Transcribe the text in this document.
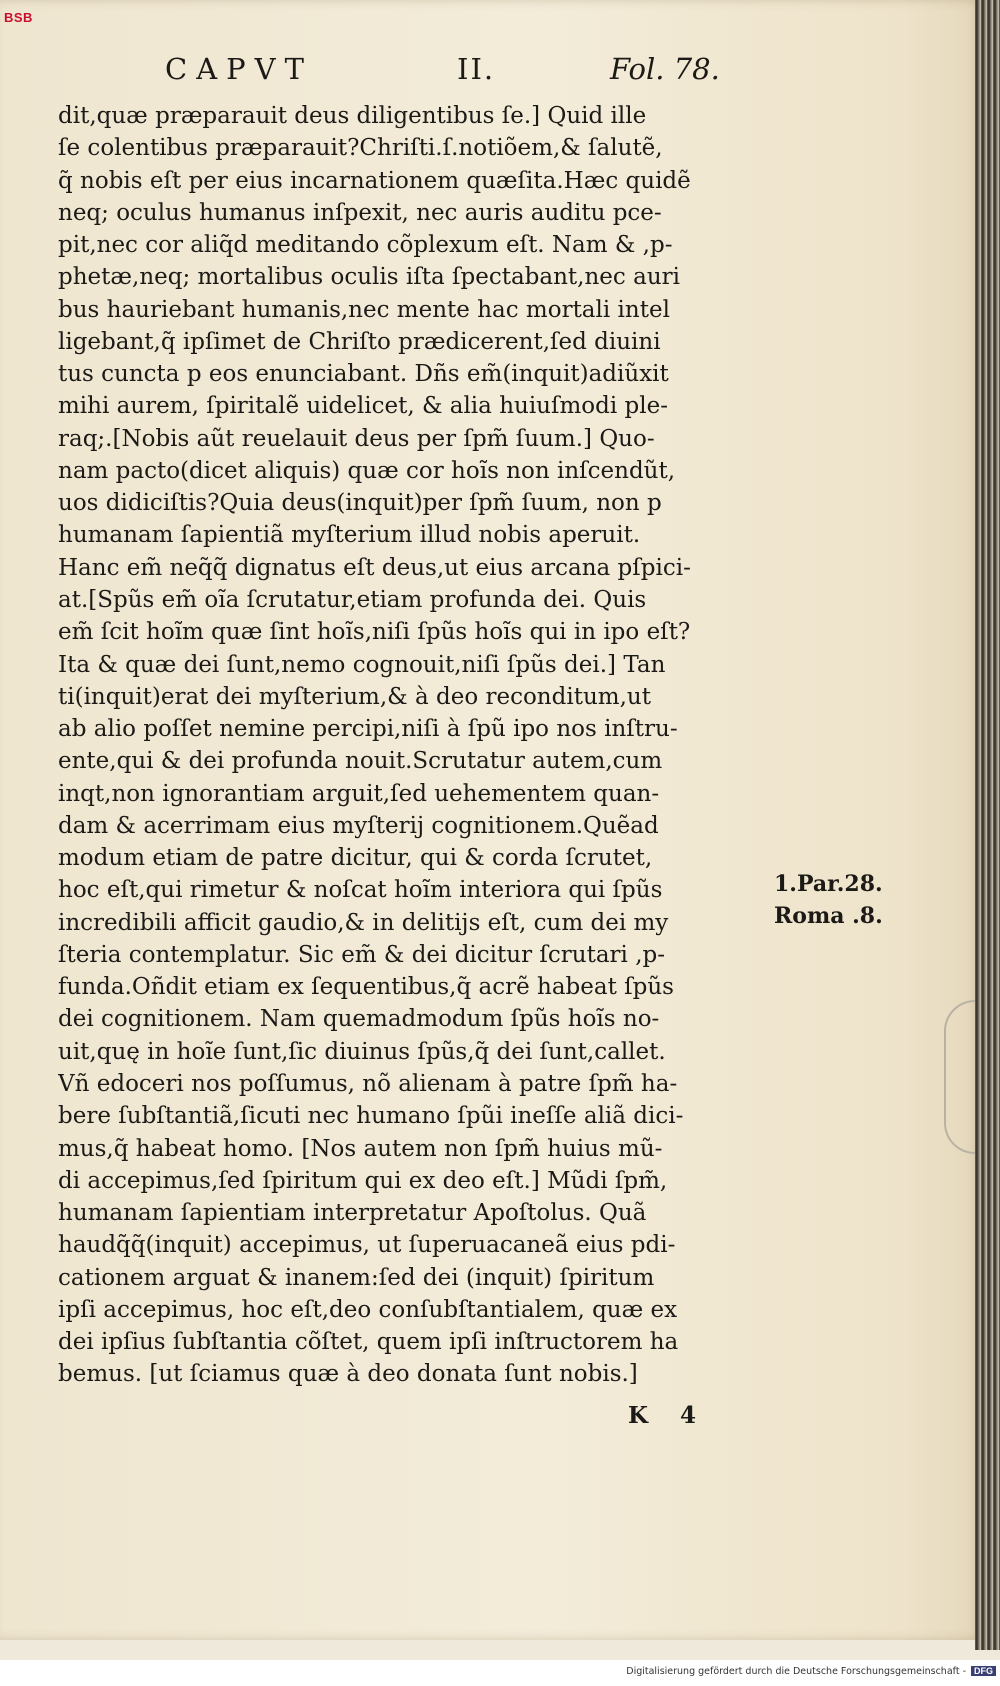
BSB
CAPVT	II.	Fol. 78.
dit,quæ præparauit deus diligentibus ſe.] Quid ille
ſe colentibus præparauit?Chriſti.ſ.notiõem,& ſalutẽ,
q̃ nobis eſt per eius incarnationem quæſita.Hæc quidẽ
neq; oculus humanus inſpexit, nec auris auditu pce-
pit,nec cor aliq̃d meditando cõplexum eſt. Nam & ,p-
phetæ,neq; mortalibus oculis iſta ſpectabant,nec auri
bus hauriebant humanis,nec mente hac mortali intel
ligebant,q̃ ipſimet de Chriſto prædicerent,ſed diuini
tus cuncta p eos enunciabant. Dñs em̃(inquit)adiũxit
mihi aurem, ſpiritalẽ uidelicet, & alia huiuſmodi ple-
raq;.[Nobis aũt reuelauit deus per ſpm̃ ſuum.] Quo-
nam pacto(dicet aliquis) quæ cor hoĩs non inſcendũt,
uos didiciſtis?Quia deus(inquit)per ſpm̃ ſuum, non p
humanam ſapientiã myſterium illud nobis aperuit.
Hanc em̃ neq̃q̃ dignatus eſt deus,ut eius arcana pſpici-
at.[Spũs em̃ oĩa ſcrutatur,etiam profunda dei. Quis
em̃ ſcit hoĩm quæ ſint hoĩs,niſi ſpũs hoĩs qui in ipo eſt?
Ita & quæ dei ſunt,nemo cognouit,niſi ſpũs dei.] Tan
ti(inquit)erat dei myſterium,& à deo reconditum,ut
ab alio poſſet nemine percipi,niſi à ſpũ ipo nos inſtru-
ente,qui & dei profunda nouit.Scrutatur autem,cum
inqt,non ignorantiam arguit,ſed uehementem quan-
dam & acerrimam eius myſterij cognitionem.Quẽad
modum etiam de patre dicitur, qui & corda ſcrutet,
hoc eſt,qui rimetur & noſcat hoĩm interiora qui ſpũs
incredibili afficit gaudio,& in delitijs eſt, cum dei my
ſteria contemplatur. Sic em̃ & dei dicitur ſcrutari ,p-
funda.Oñdit etiam ex ſequentibus,q̃ acrẽ habeat ſpũs
dei cognitionem. Nam quemadmodum ſpũs hoĩs no-
uit,quę in hoĩe ſunt,ſic diuinus ſpũs,q̃ dei ſunt,callet.
Vñ edoceri nos poſſumus, nõ alienam à patre ſpm̃ ha-
bere ſubſtantiã,ſicuti nec humano ſpũi ineſſe aliã dici-
mus,q̃ habeat homo. [Nos autem non ſpm̃ huius mũ-
di accepimus,ſed ſpiritum qui ex deo eſt.] Mũdi ſpm̃,
humanam ſapientiam interpretatur Apoſtolus. Quã
haudq̃q̃(inquit) accepimus, ut ſuperuacaneã eius pdi-
cationem arguat & inanem:ſed dei (inquit) ſpiritum
ipſi accepimus, hoc eſt,deo conſubſtantialem, quæ ex
dei ipſius ſubſtantia cõſtet, quem ipſi inſtructorem ha
bemus. [ut ſciamus quæ à deo donata ſunt nobis.]
1.Par.28.
Roma .8.
K 4
Digitalisierung gefördert durch die Deutsche Forschungsgemeinschaft - DFG
